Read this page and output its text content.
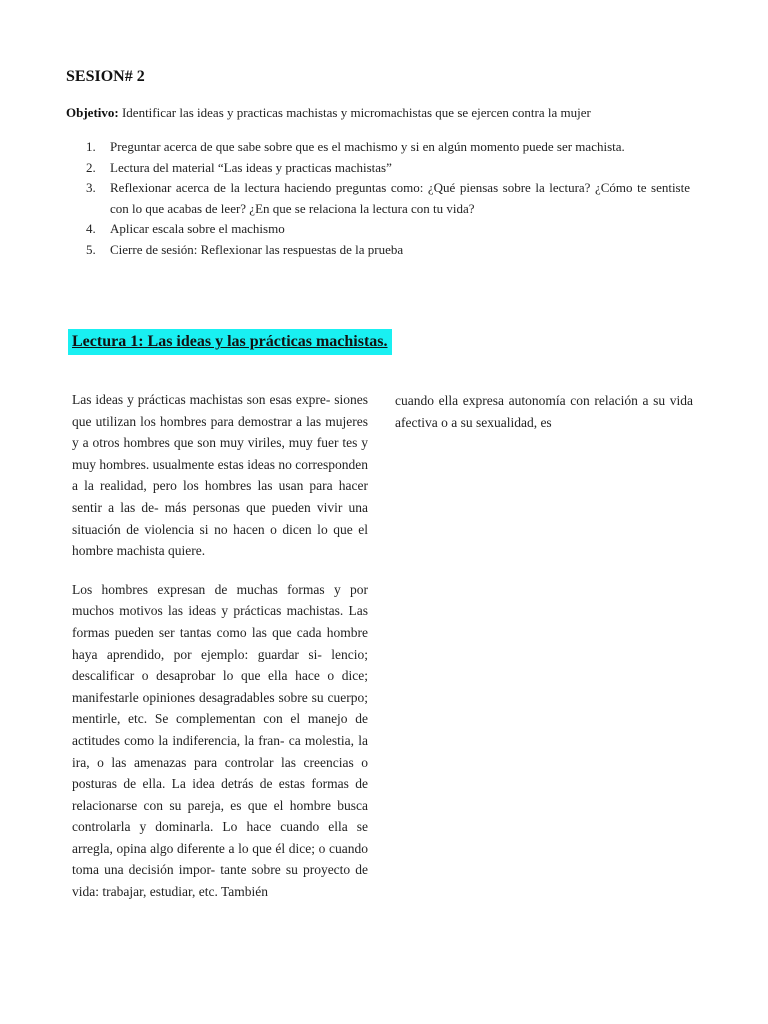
SESION# 2

Objetivo: Identificar las ideas y practicas machistas y micromachistas que se ejercen contra la mujer

1. Preguntar acerca de que sabe sobre que es el machismo y si en algún momento puede ser machista.
2. Lectura del material “Las ideas y practicas machistas”
3. Reflexionar acerca de la lectura haciendo preguntas como: ¿Qué piensas sobre la lectura? ¿Cómo te sentiste con lo que acabas de leer? ¿En que se relaciona la lectura con tu vida?
4. Aplicar escala sobre el machismo
5. Cierre de sesión: Reflexionar las respuestas de la prueba
Lectura 1: Las ideas y las prácticas machistas.

Las ideas y prácticas machistas son esas expre- siones que utilizan los hombres para demostrar a las mujeres y a otros hombres que son muy viriles, muy fuer tes y muy hombres. usualmente estas ideas no corresponden a la realidad, pero los hombres las usan para hacer sentir a las de- más personas que pueden vivir una situación de violencia si no hacen o dicen lo que el hombre machista quiere.

Los hombres expresan de muchas formas y por muchos motivos las ideas y prácticas machistas. Las formas pueden ser tantas como las que cada hombre haya aprendido, por ejemplo: guardar si- lencio; descalificar o desaprobar lo que ella hace o dice; manifestarle opiniones desagradables sobre su cuerpo; mentirle, etc. Se complementan con el manejo de actitudes como la indiferencia, la fran- ca molestia, la ira, o las amenazas para controlar las creencias o posturas de ella. La idea detrás de estas formas de relacionarse con su pareja, es que el hombre busca controlarla y dominarla. Lo hace cuando ella se arregla, opina algo diferente a lo que él dice; o cuando toma una decisión impor- tante sobre su proyecto de vida: trabajar, estudiar, etc. También

cuando ella expresa autonomía con relación a su vida afectiva o a su sexualidad, es
